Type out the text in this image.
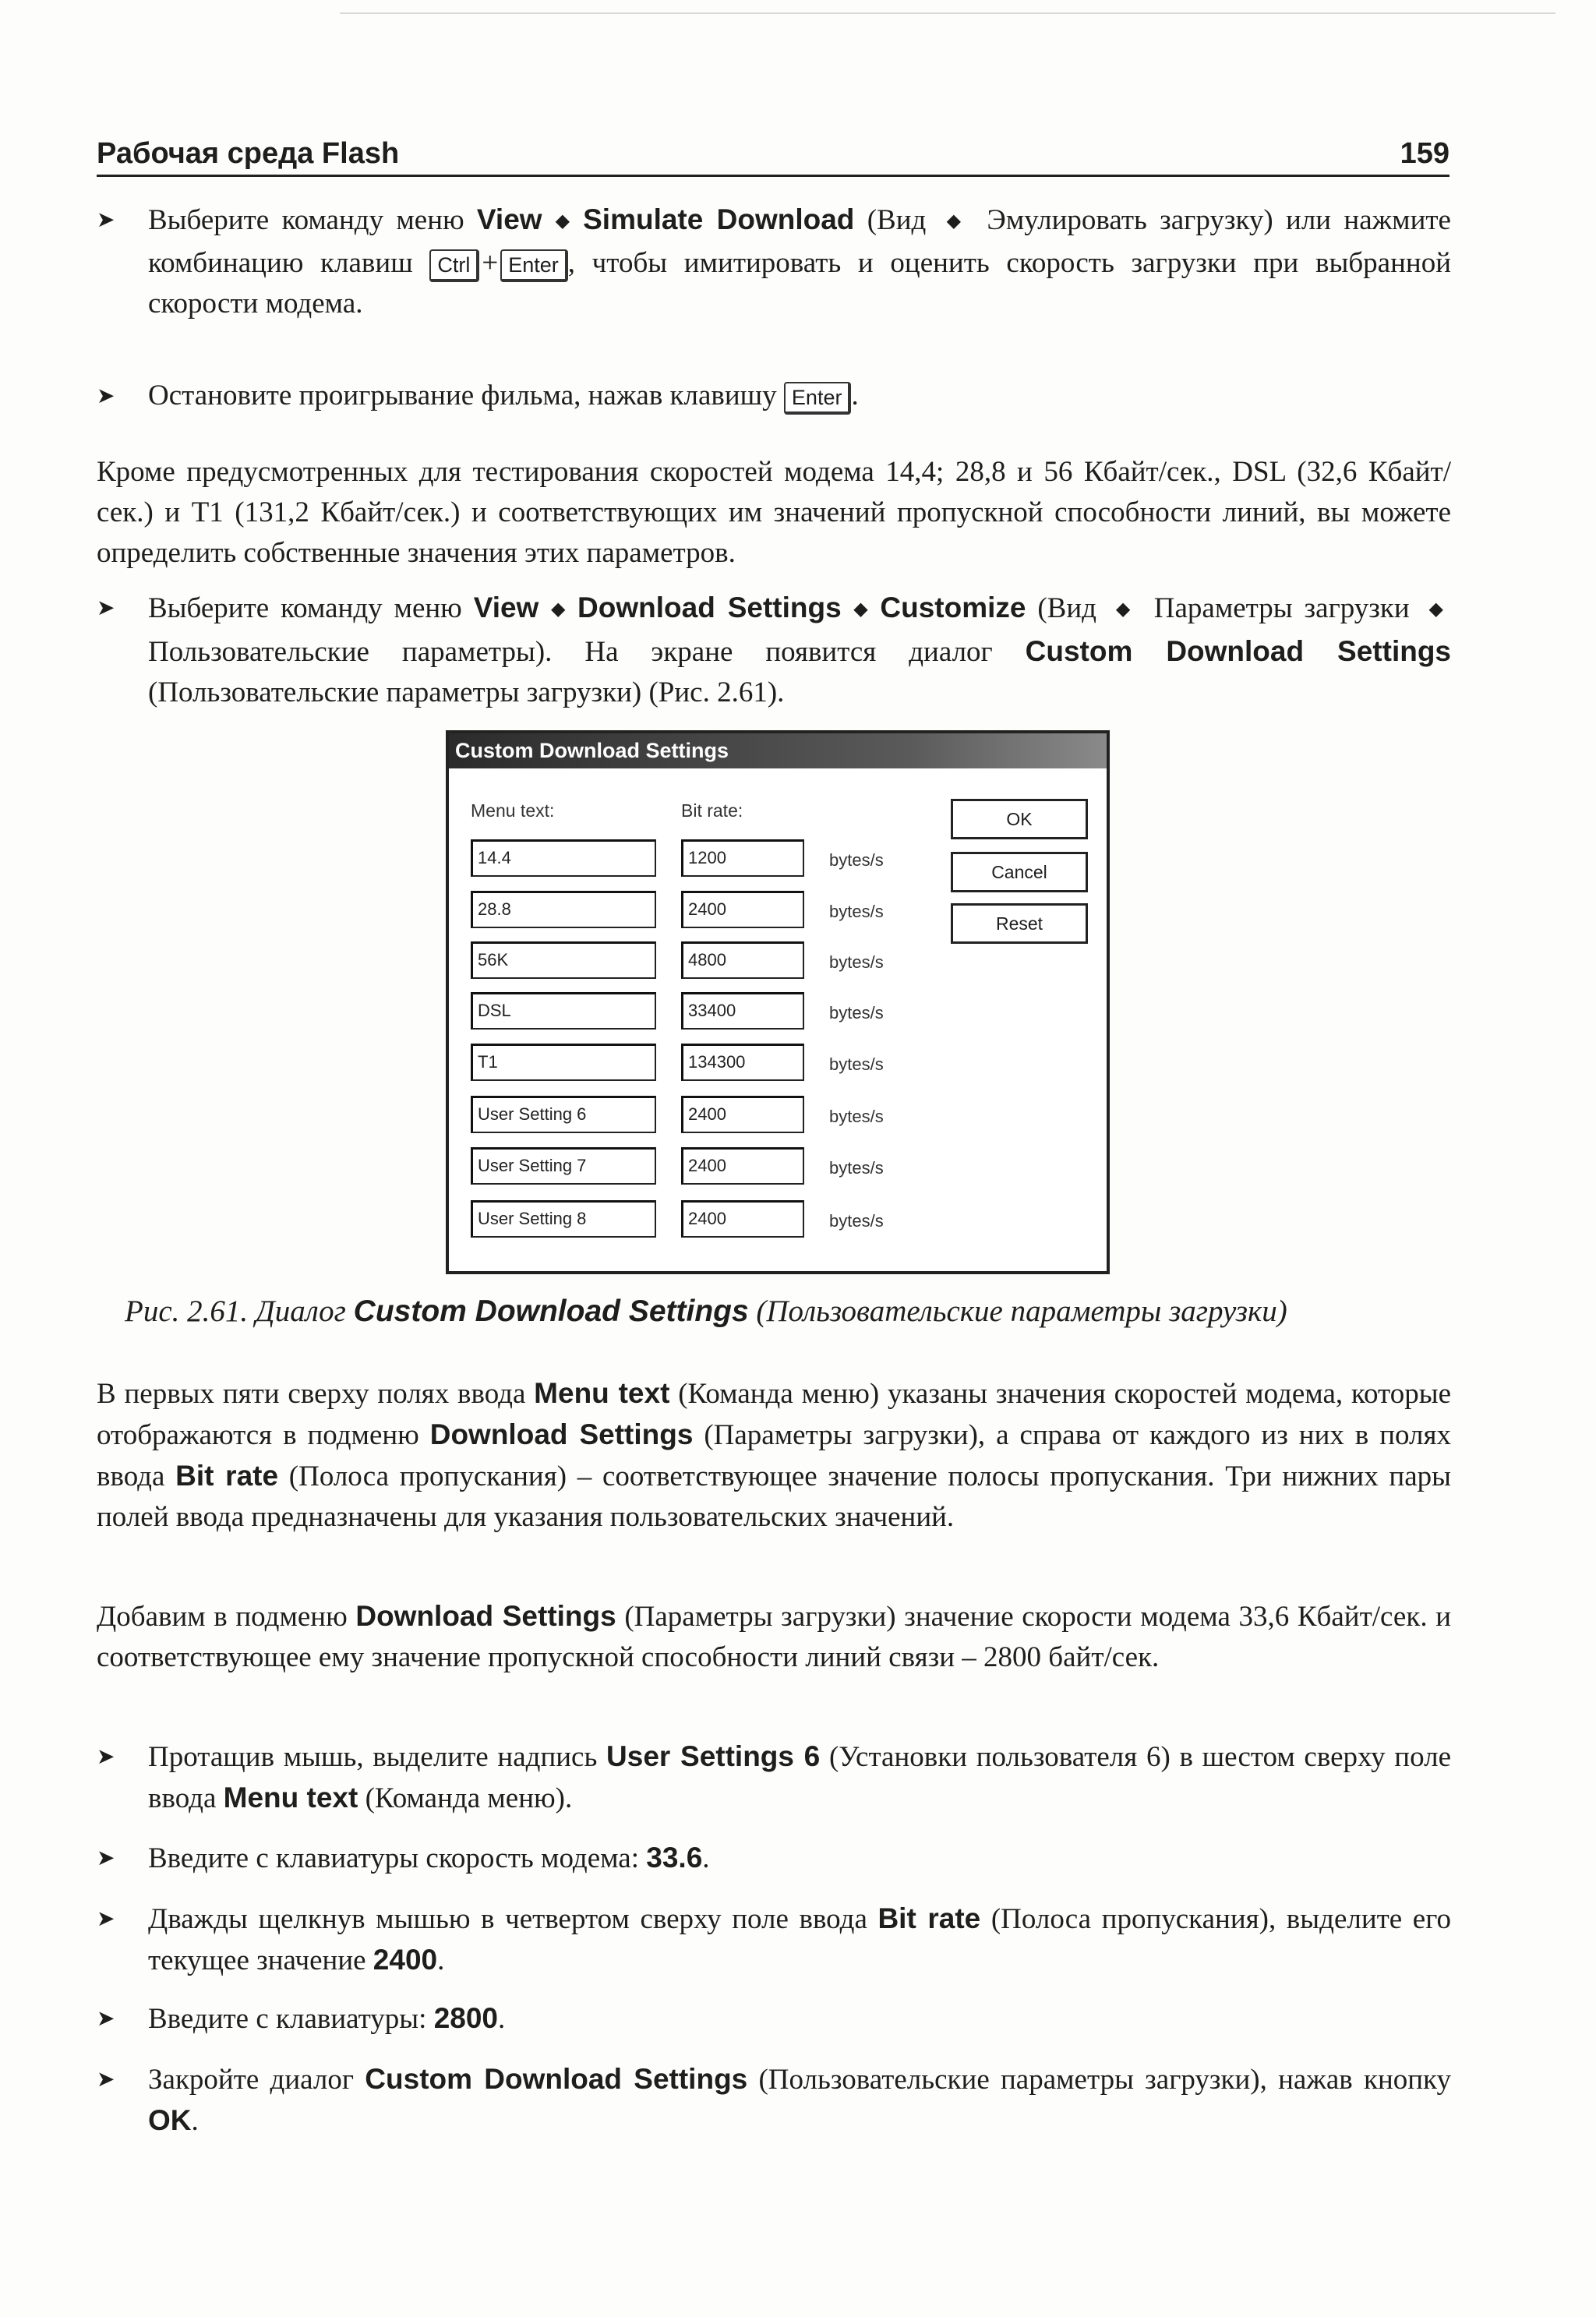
Рабочая среда Flash	159
➤	Выберите команду меню View ◆ Simulate Download (Вид ◆ Эмулировать загрузку) или нажмите комбинацию клавиш Ctrl + Enter , чтобы имитировать и оценить скорость загрузки при выбранной скорости модема.
➤	Остановите проигрывание фильма, нажав клавишу Enter .
Кроме предусмотренных для тестирования скоростей модема 14,4; 28,8 и 56 Кбайт/сек., DSL (32,6 Кбайт/сек.) и T1 (131,2 Кбайт/сек.) и соответствующих им значений пропускной способности линий, вы можете определить собственные значения этих параметров.
➤	Выберите команду меню View ◆ Download Settings ◆ Customize (Вид ◆ Параметры загрузки ◆ Пользовательские параметры). На экране появится диалог Custom Download Settings (Пользовательские параметры загрузки) (Рис. 2.61).
Custom Download Settings
Menu text:	Bit rate:
14.4	1200	bytes/s
28.8	2400	bytes/s
56K	4800	bytes/s
DSL	33400	bytes/s
T1	134300	bytes/s
User Setting 6	2400	bytes/s
User Setting 7	2400	bytes/s
User Setting 8	2400	bytes/s
OK
Cancel
Reset
Рис. 2.61. Диалог Custom Download Settings (Пользовательские параметры загрузки)
В первых пяти сверху полях ввода Menu text (Команда меню) указаны значения скоростей модема, которые отображаются в подменю Download Settings (Параметры загрузки), а справа от каждого из них в полях ввода Bit rate (Полоса пропускания) – соответствующее значение полосы пропускания. Три нижних пары полей ввода предназначены для указания пользовательских значений.
Добавим в подменю Download Settings (Параметры загрузки) значение скорости модема 33,6 Кбайт/сек. и соответствующее ему значение пропускной способности линий связи – 2800 байт/сек.
➤	Протащив мышь, выделите надпись User Settings 6 (Установки пользователя 6) в шестом сверху поле ввода Menu text (Команда меню).
➤	Введите с клавиатуры скорость модема: 33.6.
➤	Дважды щелкнув мышью в четвертом сверху поле ввода Bit rate (Полоса пропускания), выделите его текущее значение 2400.
➤	Введите с клавиатуры: 2800.
➤	Закройте диалог Custom Download Settings (Пользовательские параметры загрузки), нажав кнопку OK.
